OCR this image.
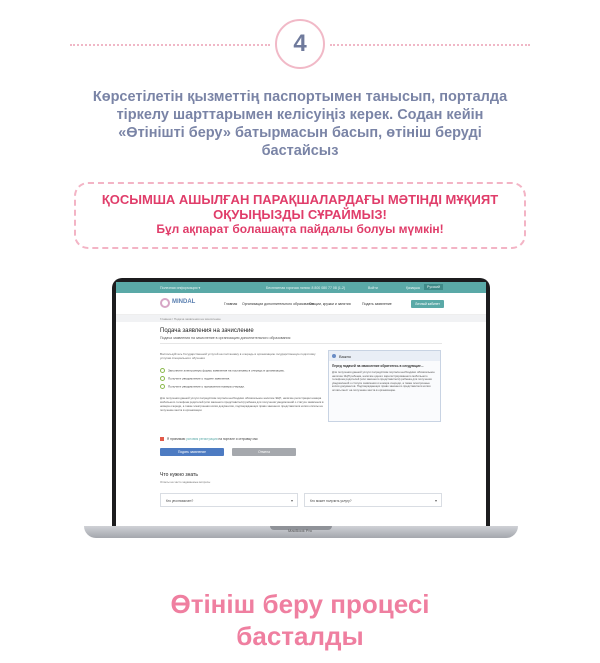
4
Көрсетілетін қызметтің паспортымен танысып, порталда
тіркелу шарттарымен келісуіңіз керек. Содан кейін
«Өтінішті беру» батырмасын басып, өтініш беруді
бастайсыз
ҚОСЫМША АШЫЛҒАН ПАРАҚШАЛАРДАҒЫ МӘТІНДІ МҰҚИЯТ
ОҚУЫҢЫЗДЫ СҰРАЙМЫЗ!
Бұл ақпарат болашақта пайдалы болуы мүмкін!
Полезная информация ▾	Бесплатная горячая линия: 8 800 080 77 08 (1-2)	Войти	Қазақша	Русский
MINDAL	Главная Организации дополнительного образования
Секции, кружки и занятия	Подать заявление	Личный кабинет
Главная / Подача заявления на зачисление
Подача заявления на зачисление
Подача заявления на зачисление в организацию дополнительного образования
Воспользуйтесь Государственной услугой на постановку в очередь в организацию государственную подготовку услугам специального обучения
Заполните электронную форму заявления на постановку в очередь в организацию.
Получите уведомление о подаче заявления.
Получите уведомление о присвоении номера очереди.
Для получения данной услуги посредством портала необходимо обязательное наличие ЭЦП, наличие регистрации номера мобильного телефона родителей (или законного представителя) ребенка для получения уведомлений о статусе заявления в номера очереди, а также электронная копия документов, подтверждающих право законного представителя копия оплаты на получение места в организации.
Важно
Перед подачей на зачисление обратитесь в следующие...
Для получения данной услуги посредством портала необходимо обязательное наличие ЭЦП ребенка, наличие одного зарегистрированного мобильного телефона родителей (или законного представителя) ребенка для получения уведомлений о статусе заявления и номера очереди, а также электронные копии документов. Подтверждающих право законного представителя копия оплаты мест на получение места в организацию.
Я принимаю условия регистрации на портале и отправку смс
Подать заявление	Отмена
Что нужно знать
Ответы на часто задаваемые вопросы
Кто уполномочен?	▾	Кто может получить услугу?	▾
MacBook Pro
Өтініш беру процесі
басталды
